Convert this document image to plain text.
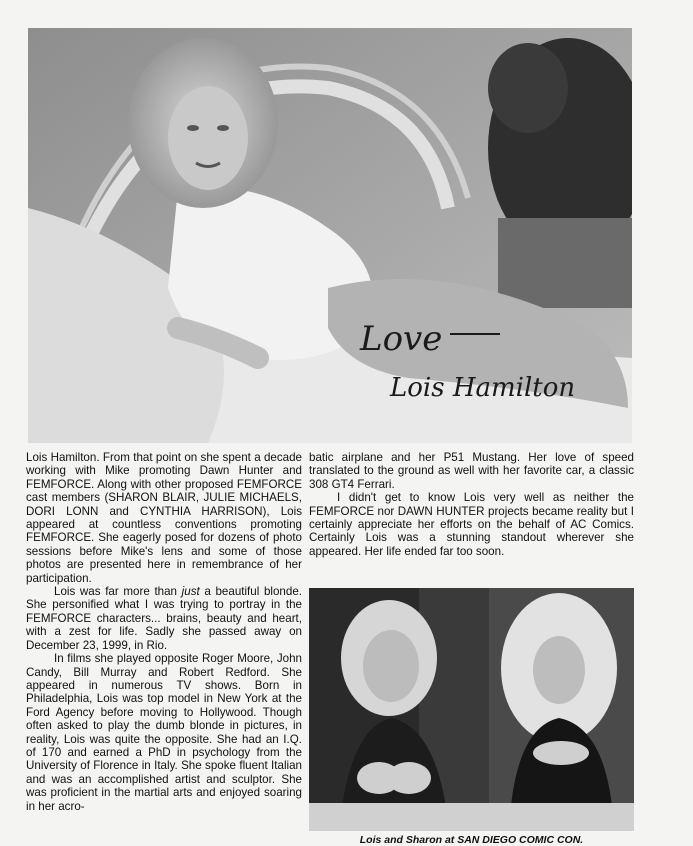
Love
Lois Hamilton

Lois Hamilton. From that point on she spent a decade working with Mike promoting Dawn Hunter and FEMFORCE. Along with other proposed FEMFORCE cast members (SHARON BLAIR, JULIE MICHAELS, DORI LONN and CYNTHIA HARRISON), Lois appeared at countless conventions promoting FEMFORCE. She eagerly posed for dozens of photo sessions before Mike's lens and some of those photos are presented here in remembrance of her participation.

Lois was far more than just a beautiful blonde. She personified what I was trying to portray in the FEMFORCE characters... brains, beauty and heart, with a zest for life. Sadly she passed away on December 23, 1999, in Rio.

In films she played opposite Roger Moore, John Candy, Bill Murray and Robert Redford. She appeared in numerous TV shows. Born in Philadelphia, Lois was top model in New York at the Ford Agency before moving to Hollywood. Though often asked to play the dumb blonde in pictures, in reality, Lois was quite the opposite. She had an I.Q. of 170 and earned a PhD in psychology from the University of Florence in Italy. She spoke fluent Italian and was an accomplished artist and sculptor. She was proficient in the martial arts and enjoyed soaring in her acro-

batic airplane and her P51 Mustang. Her love of speed translated to the ground as well with her favorite car, a classic 308 GT4 Ferrari.

I didn't get to know Lois very well as neither the FEMFORCE nor DAWN HUNTER projects became reality but I certainly appreciate her efforts on the behalf of AC Comics. Certainly Lois was a stunning standout wherever she appeared. Her life ended far too soon.

Lois and Sharon at SAN DIEGO COMIC CON.
